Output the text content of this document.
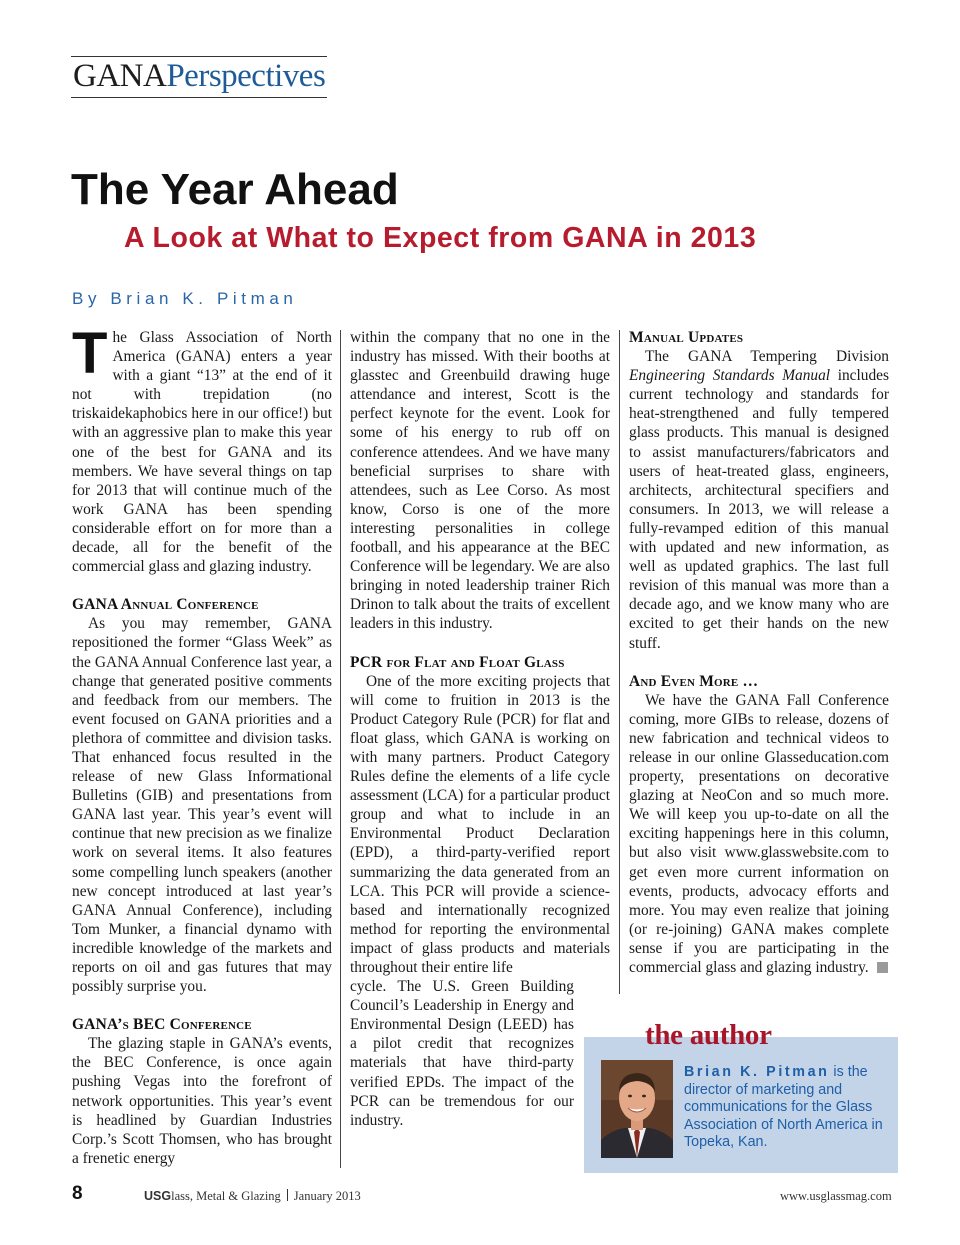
GANAPerspectives
The Year Ahead
A Look at What to Expect from GANA in 2013
By Brian K. Pitman

The Glass Association of North America (GANA) enters a year with a giant “13” at the end of it not with trepidation (no triskaidekaphobics here in our office!) but with an aggressive plan to make this year one of the best for GANA and its members. We have several things on tap for 2013 that will continue much of the work GANA has been spending considerable effort on for more than a decade, all for the benefit of the commercial glass and glazing industry.

GANA Annual Conference

As you may remember, GANA repositioned the former “Glass Week” as the GANA Annual Conference last year, a change that generated positive comments and feedback from our members. The event focused on GANA priorities and a plethora of committee and division tasks. That enhanced focus resulted in the release of new Glass Informational Bulletins (GIB) and presentations from GANA last year. This year’s event will continue that new precision as we finalize work on several items. It also features some compelling lunch speakers (another new concept introduced at last year’s GANA Annual Conference), including Tom Munker, a financial dynamo with incredible knowledge of the markets and reports on oil and gas futures that may possibly surprise you.

GANA’s BEC Conference

The glazing staple in GANA’s events, the BEC Conference, is once again pushing Vegas into the forefront of network opportunities. This year’s event is headlined by Guardian Industries Corp.’s Scott Thomsen, who has brought a frenetic energy

within the company that no one in the industry has missed. With their booths at glasstec and Greenbuild drawing huge attendance and interest, Scott is the perfect keynote for the event. Look for some of his energy to rub off on conference attendees. And we have many beneficial surprises to share with attendees, such as Lee Corso. As most know, Corso is one of the more interesting personalities in college football, and his appearance at the BEC Conference will be legendary. We are also bringing in noted leadership trainer Rich Drinon to talk about the traits of excellent leaders in this industry.

PCR for Flat and Float Glass

One of the more exciting projects that will come to fruition in 2013 is the Product Category Rule (PCR) for flat and float glass, which GANA is working on with many partners. Product Category Rules define the elements of a life cycle assessment (LCA) for a particular product group and what to include in an Environmental Product Declaration (EPD), a third-party-verified report summarizing the data generated from an LCA. This PCR will provide a science-based and internationally recognized method for reporting the environmental impact of glass products and materials throughout their entire life

cycle. The U.S. Green Building Council’s Leadership in Energy and Environmental Design (LEED) has a pilot credit that recognizes materials that have third-party verified EPDs. The impact of the PCR can be tremendous for our industry.

Manual Updates

The GANA Tempering Division Engineering Standards Manual includes current technology and standards for heat-strengthened and fully tempered glass products. This manual is designed to assist manufacturers/fabricators and users of heat-treated glass, engineers, architects, architectural specifiers and consumers. In 2013, we will release a fully-revamped edition of this manual with updated and new information, as well as updated graphics. The last full revision of this manual was more than a decade ago, and we know many who are excited to get their hands on the new stuff.

And Even More …

We have the GANA Fall Conference coming, more GIBs to release, dozens of new fabrication and technical videos to release in our online Glasseducation.com property, presentations on decorative glazing at NeoCon and so much more. We will keep you up-to-date on all the exciting happenings here in this column, but also visit www.glasswebsite.com to get even more current information on events, products, advocacy efforts and more. You may even realize that joining (or re-joining) GANA makes complete sense if you are participating in the commercial glass and glazing industry.

the author
Brian K. Pitman is the director of marketing and communications for the Glass Association of North America in Topeka, Kan.
8	USGlass, Metal & Glazing January 2013	www.usglassmag.com
